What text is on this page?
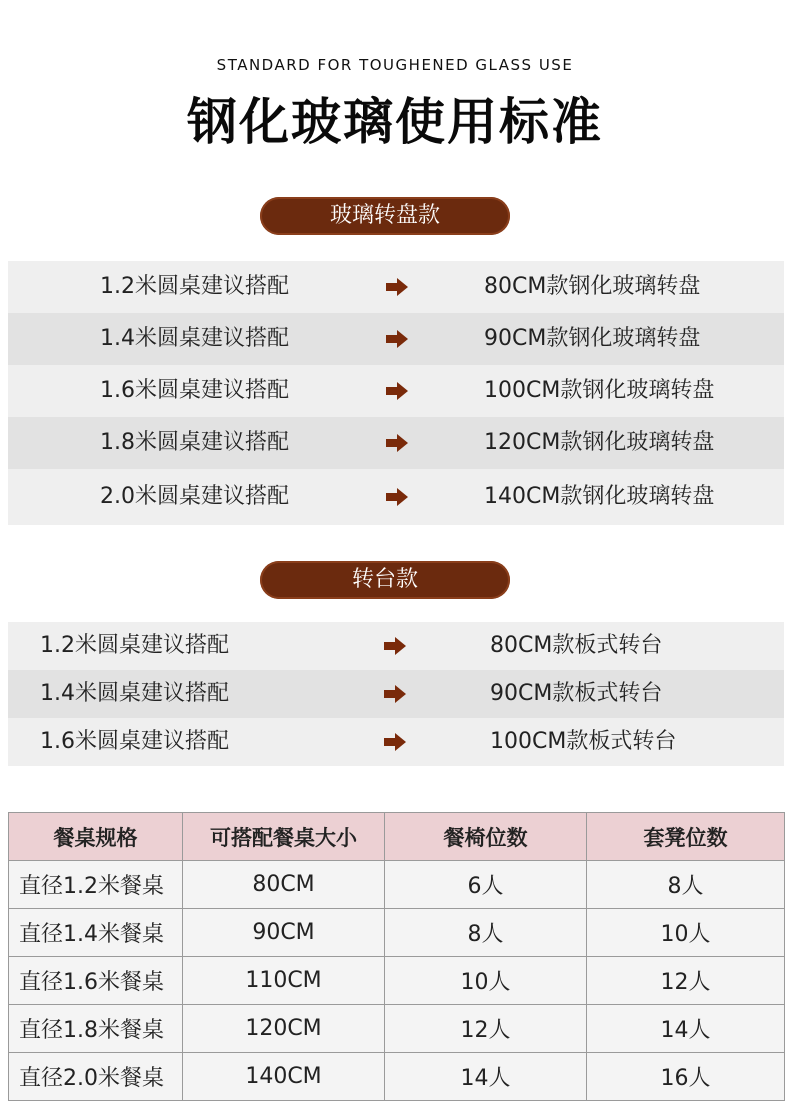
STANDARD FOR TOUGHENED GLASS USE
钢化玻璃使用标准
玻璃转盘款
1.2米圆桌建议搭配	80CM款钢化玻璃转盘
1.4米圆桌建议搭配	90CM款钢化玻璃转盘
1.6米圆桌建议搭配	100CM款钢化玻璃转盘
1.8米圆桌建议搭配	120CM款钢化玻璃转盘
2.0米圆桌建议搭配	140CM款钢化玻璃转盘
转台款
1.2米圆桌建议搭配	80CM款板式转台
1.4米圆桌建议搭配	90CM款板式转台
1.6米圆桌建议搭配	100CM款板式转台
餐桌规格	可搭配餐桌大小	餐椅位数	套凳位数
直径1.2米餐桌	80CM	6人	8人
直径1.4米餐桌	90CM	8人	10人
直径1.6米餐桌	110CM	10人	12人
直径1.8米餐桌	120CM	12人	14人
直径2.0米餐桌	140CM	14人	16人
